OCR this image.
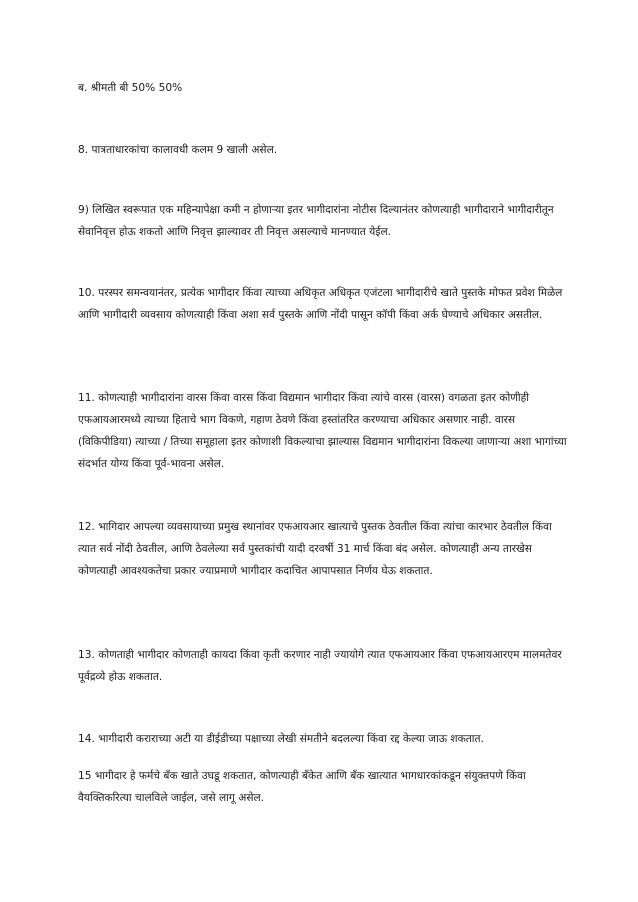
ब. श्रीमती बी 50% 50%

8. पात्रताधारकांचा कालावधी कलम 9 खाली असेल.

9) लिखित स्वरूपात एक महिन्यापेक्षा कमी न होणाऱ्या इतर भागीदारांना नोटीस दिल्यानंतर कोणत्याही भागीदाराने भागीदारीतून सेवानिवृत्त होऊ शकतो आणि निवृत्त झाल्यावर ती निवृत्त असल्याचे मानण्यात येईल.

10. परस्पर समन्वयानंतर, प्रत्येक भागीदार किंवा त्याच्या अधिकृत अधिकृत एजंटला भागीदारीचे खाते पुस्तके मोफत प्रवेश मिळेल आणि भागीदारी व्यवसाय कोणत्याही किंवा अशा सर्व पुस्तके आणि नोंदी पासून कॉपी किंवा अर्क घेण्याचे अधिकार असतील.

11. कोणत्याही भागीदारांना वारस किंवा वारस किंवा विद्यमान भागीदार किंवा त्यांचे वारस (वारस) वगळता इतर कोणीही एफआयआरमध्ये त्याच्या हिताचे भाग विकणे, गहाण ठेवणे किंवा हस्तांतरित करण्याचा अधिकार असणार नाही. वारस (विकिपीडिया) त्याच्या / तिच्या समूहाला इतर कोणाशी विकल्याचा झाल्यास विद्यमान भागीदारांना विकल्या जाणाऱ्या अशा भागांच्या संदर्भात योग्य किंवा पूर्व-भावना असेल.

12. भागिदार आपल्या व्यवसायाच्या प्रमुख स्थानांवर एफआयआर खात्याचे पुस्तक ठेवतील किंवा त्यांचा कारभार ठेवतील किंवा त्यात सर्व नोंदी ठेवतील, आणि ठेवलेल्या सर्व पुस्तकांची यादी दरवर्षी 31 मार्च किंवा बंद असेल. कोणत्याही अन्य तारखेस कोणत्याही आवश्यकतेचा प्रकार ज्याप्रमाणे भागीदार कदाचित आपापसात निर्णय घेऊ शकतात.

13. कोणताही भागीदार कोणताही कायदा किंवा कृती करणार नाही ज्यायोगे त्यात एफआयआर किंवा एफआयआरएम मालमतेवर पूर्वद्रव्ये होऊ शकतात.

14. भागीदारी कराराच्या अटी या डीईडीच्या पक्षाच्या लेखी संमतीने बदलल्या किंवा रद्द केल्या जाऊ शकतात.

15 भागीदार हे फर्मचे बँक खाते उघडू शकतात, कोणत्याही बँकेत आणि बँक खात्यात भागधारकांकडून संयुक्तपणे किंवा वैयक्तिकरित्या चालविले जाईल, जसे लागू असेल.
